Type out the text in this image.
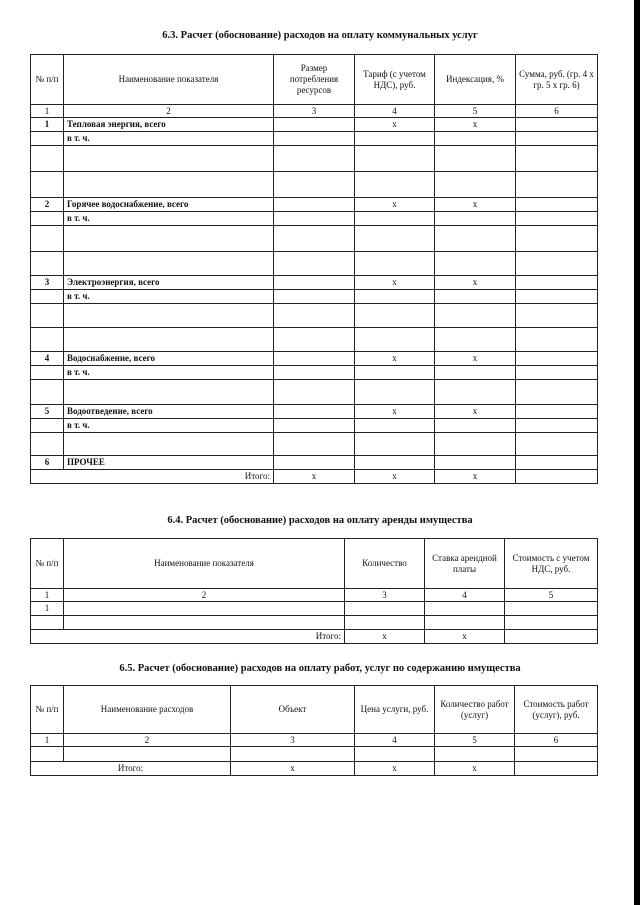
6.3. Расчет (обоснование) расходов на оплату коммунальных услуг
№ п/п	Наименование показателя	Размер потребления ресурсов	Тариф (с учетом НДС), руб.	Индексация, %	Сумма, руб. (гр. 4 х гр. 5 х гр. 6)
1	2	3	4	5	6
1	Тепловая энергия, всего		x	x	
	в т. ч.				

2	Горячее водоснабжение, всего		x	x	
	в т. ч.				

3	Электроэнергия, всего		x	x	
	в т. ч.				

4	Водоснабжение, всего		x	x	
	в т. ч.				

5	Водоотведение, всего		x	x	
	в т. ч.				

6	ПРОЧЕЕ				
Итого:		x	x	x	
6.4. Расчет (обоснование) расходов на оплату аренды имущества
№ п/п	Наименование показателя	Количество	Ставка арендной платы	Стоимость с учетом НДС, руб.
1	2	3	4	5
1				

Итого:		x	x	
6.5. Расчет (обоснование) расходов на оплату работ, услуг по содержанию имущества
№ п/п	Наименование расходов	Объект	Цена услуги, руб.	Количество работ (услуг)	Стоимость работ (услуг), руб.
1	2	3	4	5	6

Итого:		x	x	x	
